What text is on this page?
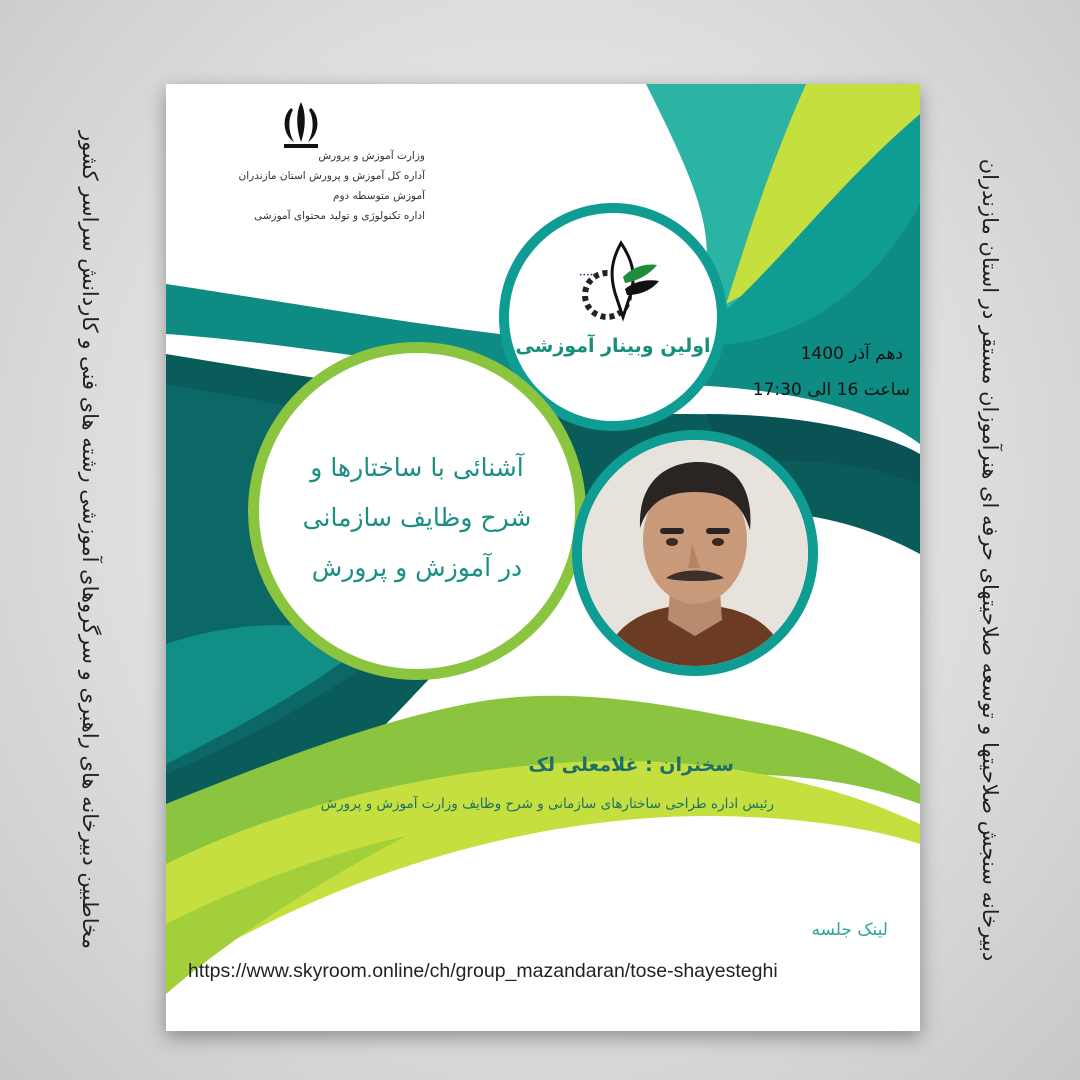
مخاطبین دبیرخانه های راهبری و سرگروهای آموزشی رشته های فنی و کاردانش سراسر کشور	دبیرخانه سنجش صلاحیتها و توسعه صلاحیتهای حرفه ای هنرآموزان مستقر در استان مازندران
وزارت آموزش و پرورش
آداره کل آموزش و پرورش استان مازندران
آموزش متوسطه دوم
اداره تکنولوژی و تولید محتوای آموزشی
•••••
اولین وبینار آموزشی	دهم آذر 1400
ساعت 16 الی 17:30
آشنائی با ساختارها و
شرح وظایف سازمانی
در آموزش و پرورش
سخنران : غلامعلی لک
رئیس اداره طراحی ساختارهای سازمانی و شرح وظایف وزارت آموزش و پرورش
لینک جلسه
https://www.skyroom.online/ch/group_mazandaran/tose-shayesteghi
